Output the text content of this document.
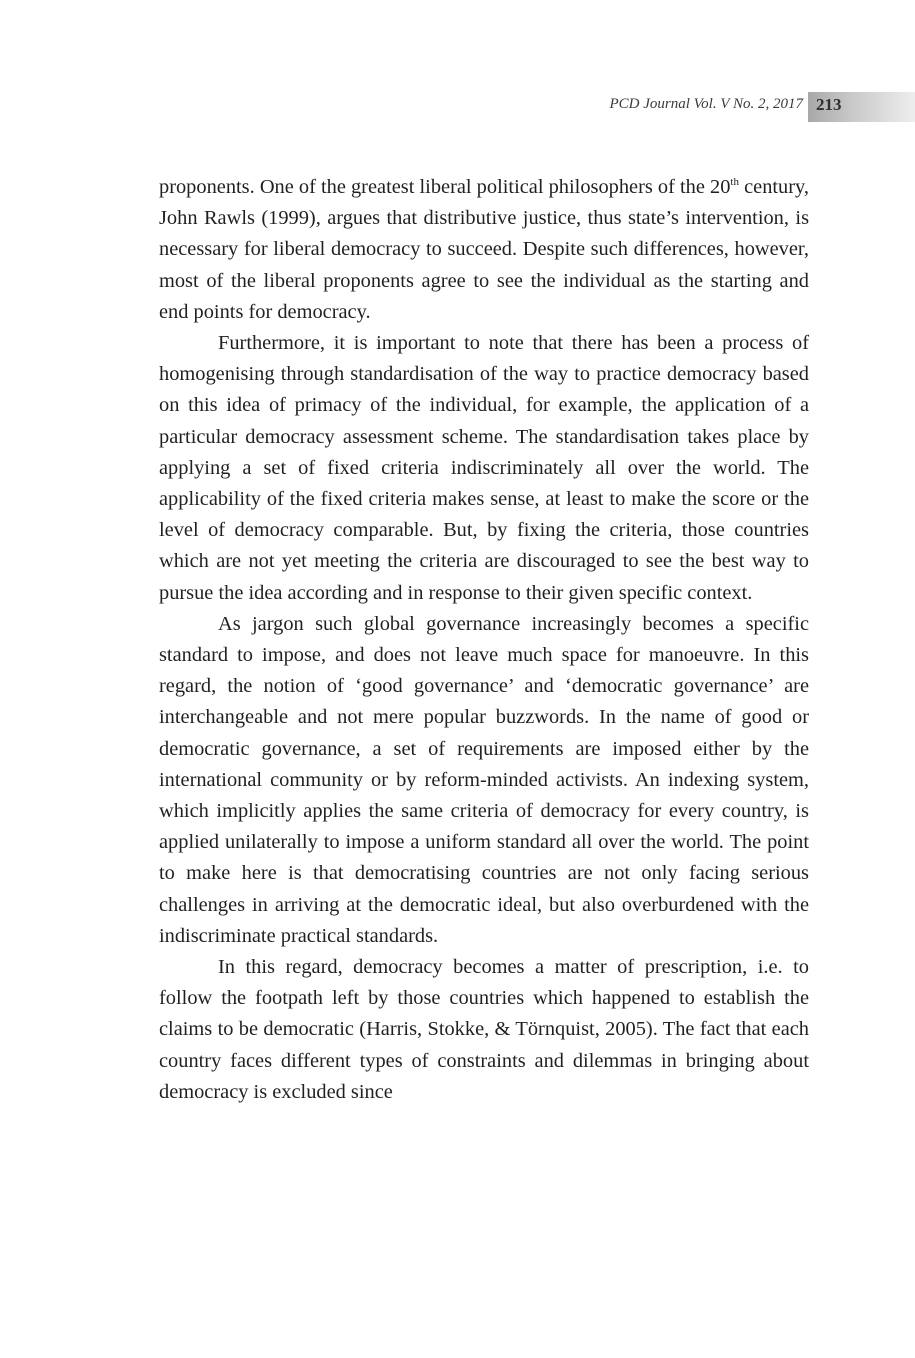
PCD Journal Vol. V No. 2, 2017 213

proponents. One of the greatest liberal political philosophers of the 20th century, John Rawls (1999), argues that distributive justice, thus state’s intervention, is necessary for liberal democracy to succeed. Despite such differences, however, most of the liberal proponents agree to see the individual as the starting and end points for democracy.

Furthermore, it is important to note that there has been a process of homogenising through standardisation of the way to practice democracy based on this idea of primacy of the individual, for example, the application of a particular democracy assessment scheme. The standardisation takes place by applying a set of fixed criteria indiscriminately all over the world. The applicability of the fixed criteria makes sense, at least to make the score or the level of democracy comparable. But, by fixing the criteria, those countries which are not yet meeting the criteria are discouraged to see the best way to pursue the idea according and in response to their given specific context.

As jargon such global governance increasingly becomes a specific standard to impose, and does not leave much space for manoeuvre. In this regard, the notion of ‘good governance’ and ‘democratic governance’ are interchangeable and not mere popular buzzwords. In the name of good or democratic governance, a set of requirements are imposed either by the international community or by reform-minded activists. An indexing system, which implicitly applies the same criteria of democracy for every country, is applied unilaterally to impose a uniform standard all over the world. The point to make here is that democratising countries are not only facing serious challenges in arriving at the democratic ideal, but also overburdened with the indiscriminate practical standards.

In this regard, democracy becomes a matter of prescription, i.e. to follow the footpath left by those countries which happened to establish the claims to be democratic (Harris, Stokke, & Törnquist, 2005). The fact that each country faces different types of constraints and dilemmas in bringing about democracy is excluded since
